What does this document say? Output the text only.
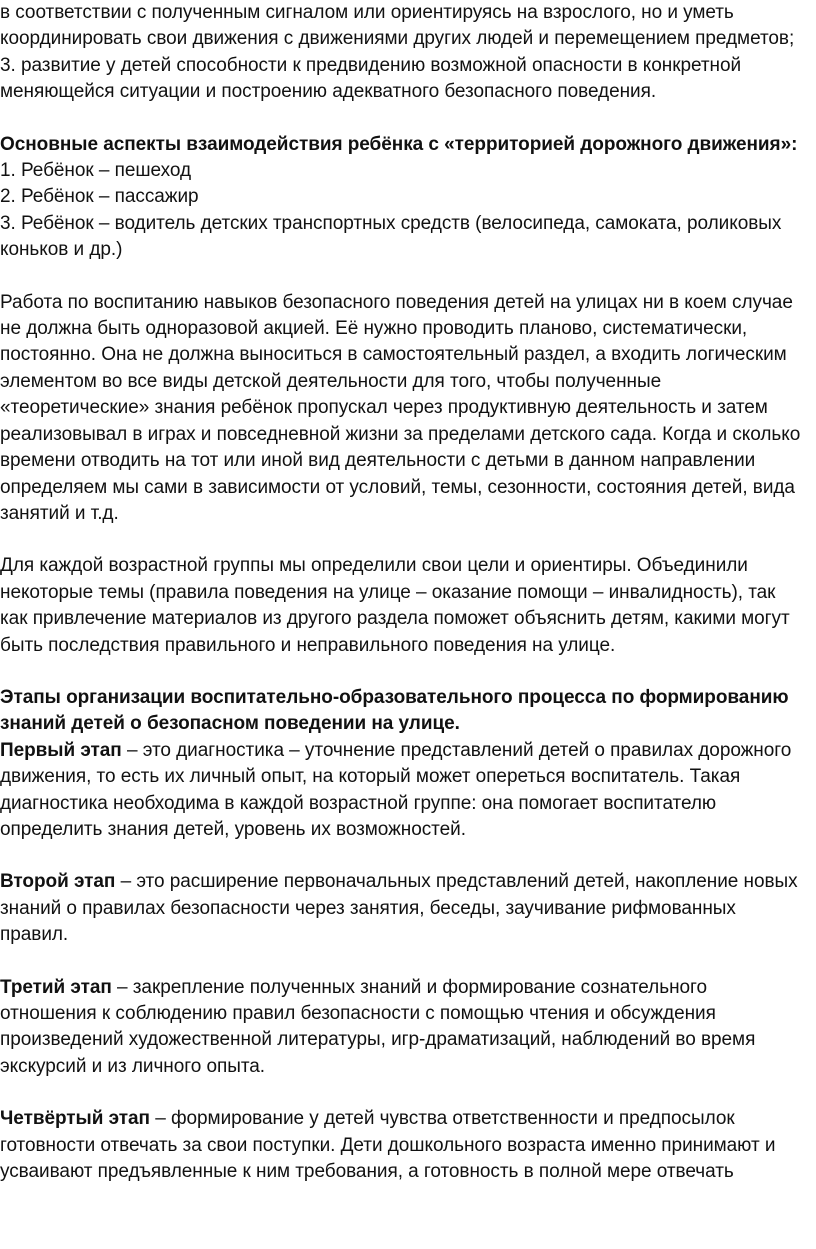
в соответствии с полученным сигналом или ориентируясь на взрослого, но и уметь координировать свои движения с движениями других людей и перемещением предметов;

3. развитие у детей способности к предвидению возможной опасности в конкретной меняющейся ситуации и построению адекватного безопасного поведения.

Основные аспекты взаимодействия ребёнка с «территорией дорожного движения»:

1. Ребёнок – пешеход

2. Ребёнок – пассажир

3. Ребёнок – водитель детских транспортных средств (велосипеда, самоката, роликовых коньков и др.)

Работа по воспитанию навыков безопасного поведения детей на улицах ни в коем случае не должна быть одноразовой акцией. Её нужно проводить планово, систематически, постоянно. Она не должна выноситься в самостоятельный раздел, а входить логическим элементом во все виды детской деятельности для того, чтобы полученные «теоретические» знания ребёнок пропускал через продуктивную деятельность и затем реализовывал в играх и повседневной жизни за пределами детского сада. Когда и сколько времени отводить на тот или иной вид деятельности с детьми в данном направлении определяем мы сами в зависимости от условий, темы, сезонности, состояния детей, вида занятий и т.д.

Для каждой возрастной группы мы определили свои цели и ориентиры. Объединили некоторые темы (правила поведения на улице – оказание помощи – инвалидность), так как привлечение материалов из другого раздела поможет объяснить детям, какими могут быть последствия правильного и неправильного поведения на улице.

Этапы организации воспитательно-образовательного процесса по формированию знаний детей о безопасном поведении на улице.

Первый этап – это диагностика – уточнение представлений детей о правилах дорожного движения, то есть их личный опыт, на который может опереться воспитатель. Такая диагностика необходима в каждой возрастной группе: она помогает воспитателю определить знания детей, уровень их возможностей.

Второй этап – это расширение первоначальных представлений детей, накопление новых знаний о правилах безопасности через занятия, беседы, заучивание рифмованных правил.

Третий этап – закрепление полученных знаний и формирование сознательного отношения к соблюдению правил безопасности с помощью чтения и обсуждения произведений художественной литературы, игр-драматизаций, наблюдений во время экскурсий и из личного опыта.

Четвёртый этап – формирование у детей чувства ответственности и предпосылок готовности отвечать за свои поступки. Дети дошкольного возраста именно принимают и усваивают предъявленные к ним требования, а готовность в полной мере отвечать
